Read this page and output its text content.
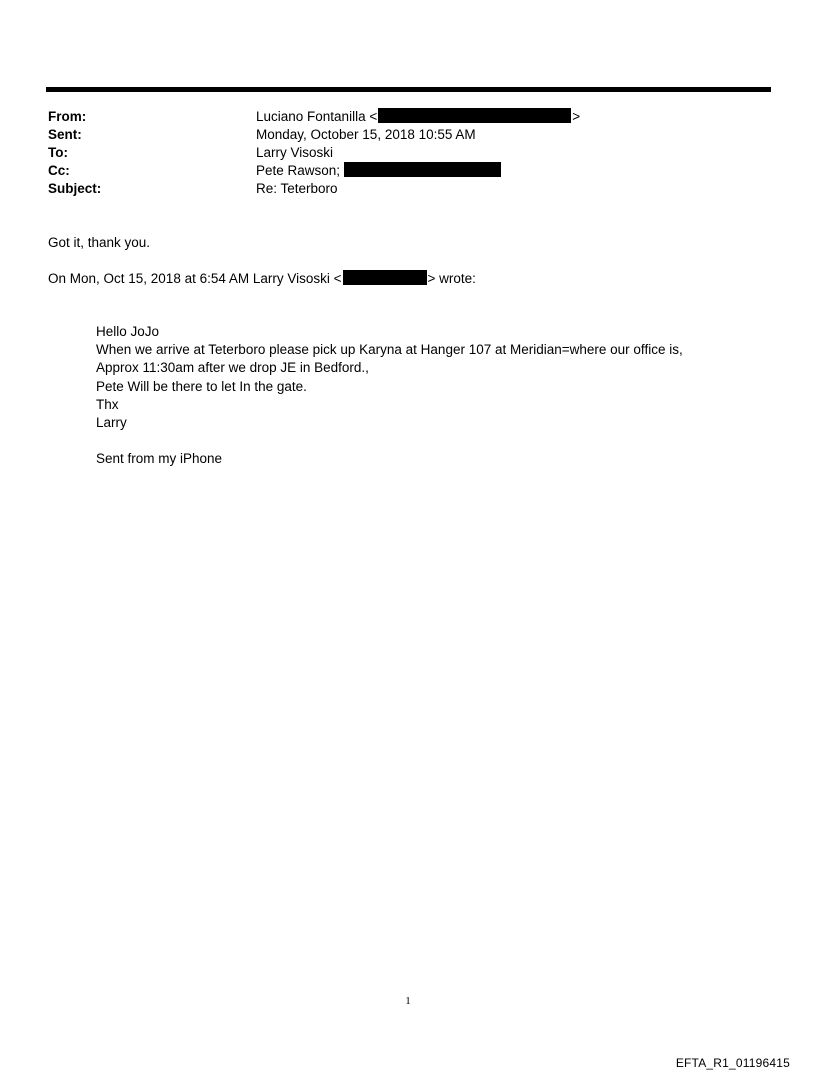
From:	Luciano Fontanilla <	>
Sent:	Monday, October 15, 2018 10:55 AM
To:	Larry Visoski
Cc:	Pete Rawson;
Subject:	Re: Teterboro
Got it, thank you.
On Mon, Oct 15, 2018 at 6:54 AM Larry Visoski <	> wrote:
Hello JoJo
When we arrive at Teterboro please pick up Karyna at Hanger 107 at Meridian=where our office is,
Approx 11:30am after we drop JE in Bedford.,
Pete Will be there to let In the gate.
Thx
Larry
Sent from my iPhone
1
EFTA_R1_01196415
